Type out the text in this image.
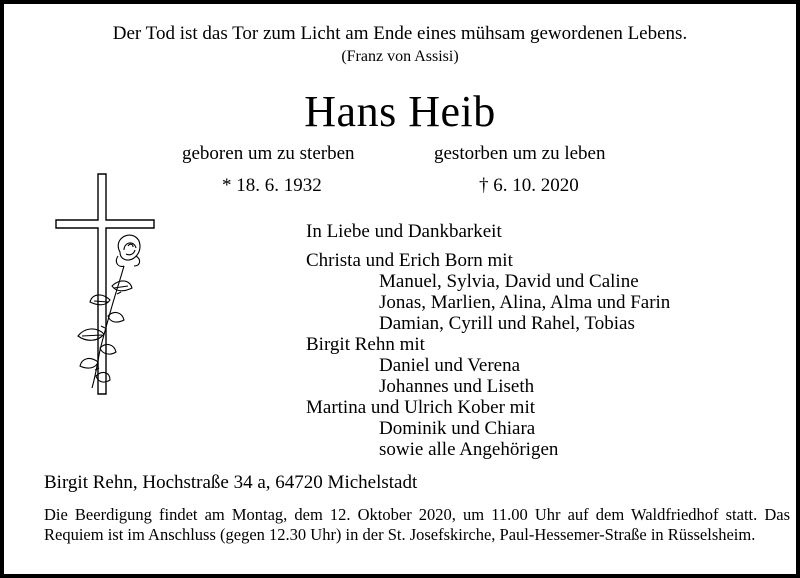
Der Tod ist das Tor zum Licht am Ende eines mühsam gewordenen Lebens.
(Franz von Assisi)
Hans Heib
geboren um zu sterben	gestorben um zu leben
* 18. 6. 1932	† 6. 10. 2020
In Liebe und Dankbarkeit
Christa und Erich Born mit
Manuel, Sylvia, David und Caline
Jonas, Marlien, Alina, Alma und Farin
Damian, Cyrill und Rahel, Tobias
Birgit Rehn mit
Daniel und Verena
Johannes und Liseth
Martina und Ulrich Kober mit
Dominik und Chiara
sowie alle Angehörigen
Birgit Rehn, Hochstraße 34 a, 64720 Michelstadt
Die Beerdigung findet am Montag, dem 12. Oktober 2020, um 11.00 Uhr auf dem Waldfriedhof statt. Das Requiem ist im Anschluss (gegen 12.30 Uhr) in der St. Josefskirche, Paul-Hessemer-Straße in Rüsselsheim.
